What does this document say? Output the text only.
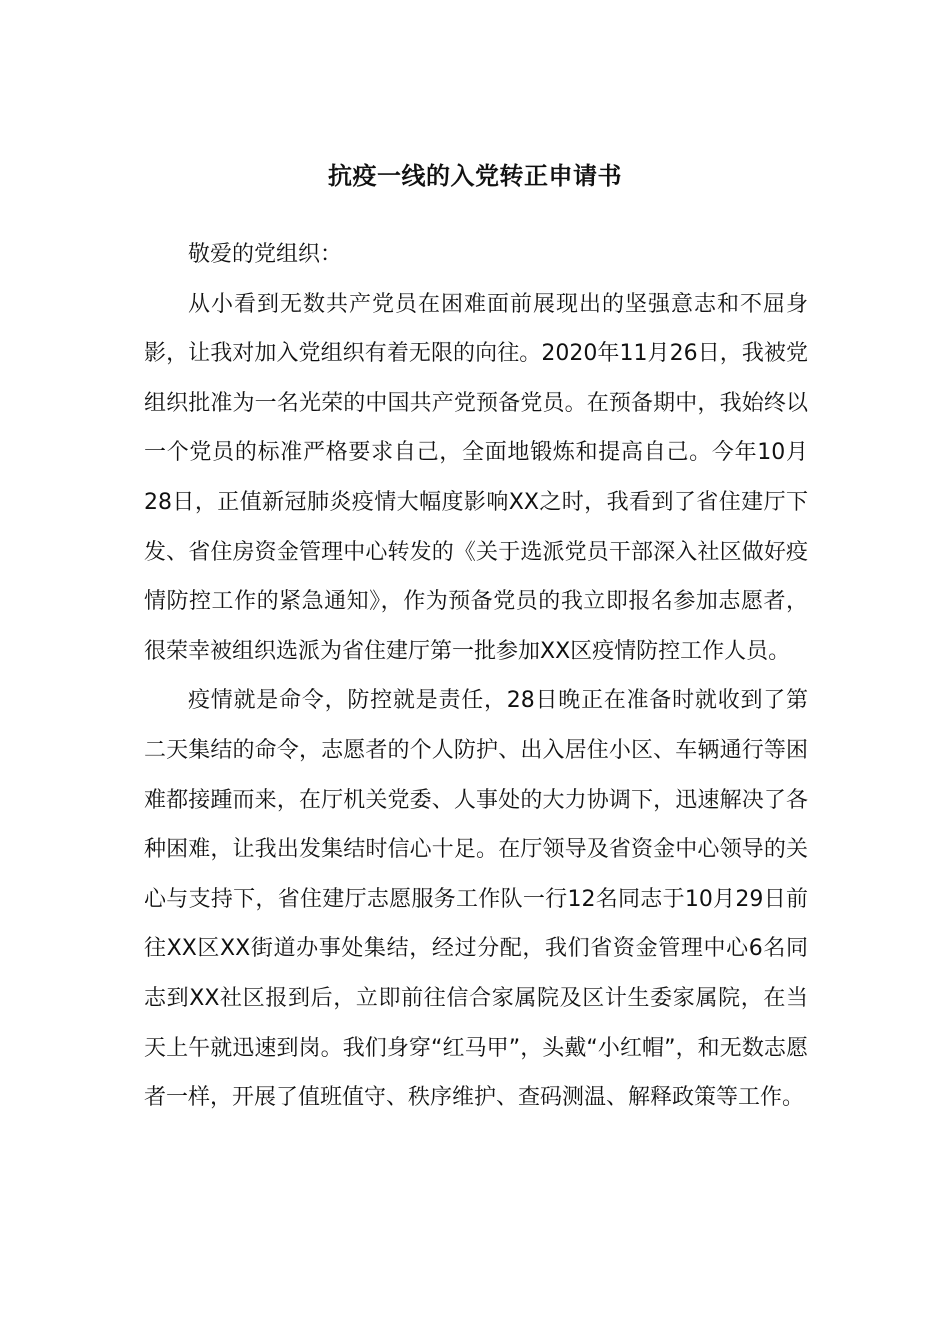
抗疫一线的入党转正申请书

敬爱的党组织：

从小看到无数共产党员在困难面前展现出的坚强意志和不屈身影，让我对加入党组织有着无限的向往。2020年11月26日，我被党组织批准为一名光荣的中国共产党预备党员。在预备期中，我始终以一个党员的标准严格要求自己，全面地锻炼和提高自己。今年10月28日，正值新冠肺炎疫情大幅度影响XX之时，我看到了省住建厅下发、省住房资金管理中心转发的《关于选派党员干部深入社区做好疫情防控工作的紧急通知》，作为预备党员的我立即报名参加志愿者，很荣幸被组织选派为省住建厅第一批参加XX区疫情防控工作人员。

疫情就是命令，防控就是责任，28日晚正在准备时就收到了第二天集结的命令，志愿者的个人防护、出入居住小区、车辆通行等困难都接踵而来，在厅机关党委、人事处的大力协调下，迅速解决了各种困难，让我出发集结时信心十足。在厅领导及省资金中心领导的关心与支持下，省住建厅志愿服务工作队一行12名同志于10月29日前往XX区XX街道办事处集结，经过分配，我们省资金管理中心6名同志到XX社区报到后，立即前往信合家属院及区计生委家属院，在当天上午就迅速到岗。我们身穿“红马甲”，头戴“小红帽”，和无数志愿者一样，开展了值班值守、秩序维护、查码测温、解释政策等工作。
